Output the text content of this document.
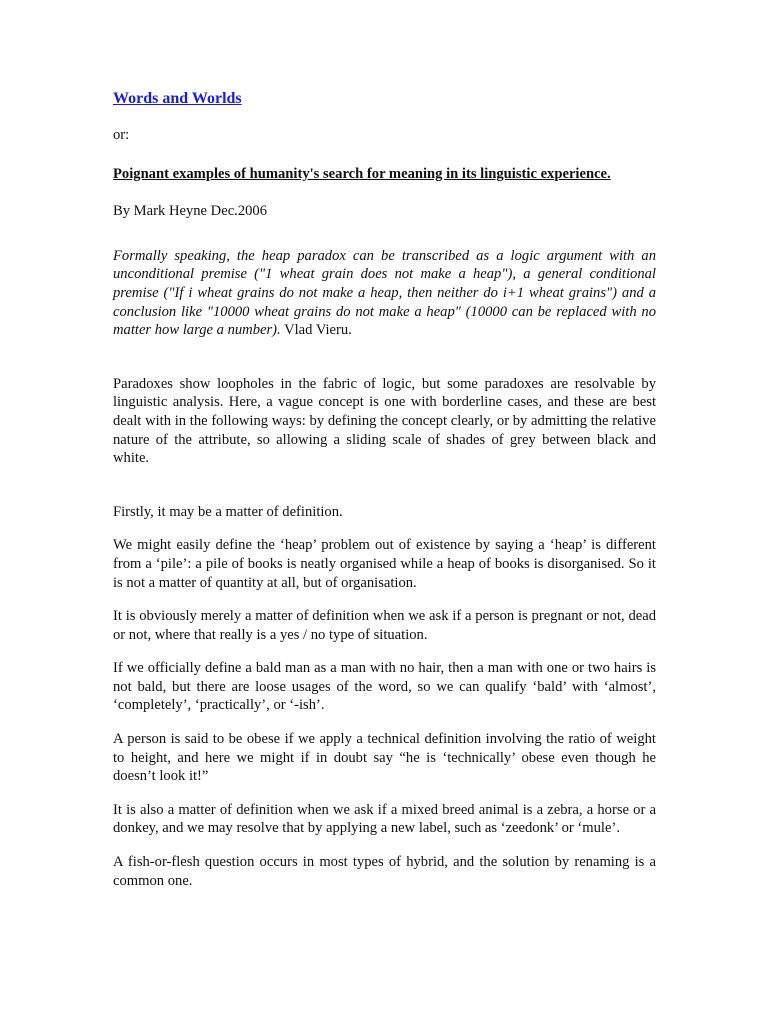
Words and Worlds

or:

Poignant examples of humanity's search for meaning in its linguistic experience.

By Mark Heyne Dec.2006

Formally speaking, the heap paradox can be transcribed as a logic argument with an unconditional premise ("1 wheat grain does not make a heap"), a general conditional premise ("If i wheat grains do not make a heap, then neither do i+1 wheat grains") and a conclusion like "10000 wheat grains do not make a heap" (10000 can be replaced with no matter how large a number). Vlad Vieru.

Paradoxes show loopholes in the fabric of logic, but some paradoxes are resolvable by linguistic analysis. Here, a vague concept is one with borderline cases, and these are best dealt with in the following ways: by defining the concept clearly, or by admitting the relative nature of the attribute, so allowing a sliding scale of shades of grey between black and white.

Firstly, it may be a matter of definition.

We might easily define the ‘heap’ problem out of existence by saying a ‘heap’ is different from a ‘pile’: a pile of books is neatly organised while a heap of books is disorganised. So it is not a matter of quantity at all, but of organisation.

It is obviously merely a matter of definition when we ask if a person is pregnant or not, dead or not, where that really is a yes / no type of situation.

If we officially define a bald man as a man with no hair, then a man with one or two hairs is not bald, but there are loose usages of the word, so we can qualify ‘bald’ with ‘almost’, ‘completely’, ‘practically’, or ‘-ish’.

A person is said to be obese if we apply a technical definition involving the ratio of weight to height, and here we might if in doubt say “he is ‘technically’ obese even though he doesn’t look it!”

It is also a matter of definition when we ask if a mixed breed animal is a zebra, a horse or a donkey, and we may resolve that by applying a new label, such as ‘zeedonk’ or ‘mule’.

A fish-or-flesh question occurs in most types of hybrid, and the solution by renaming is a common one.
